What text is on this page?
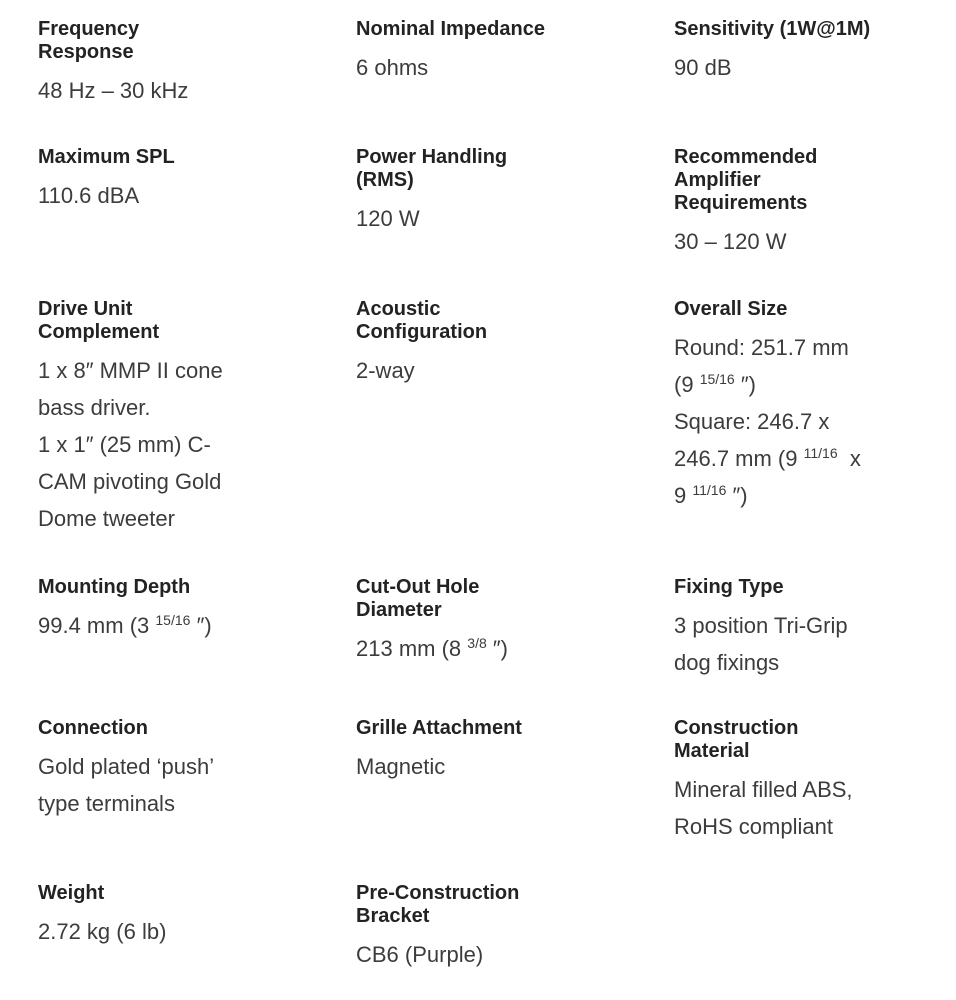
Frequency Response
48 Hz – 30 kHz
Nominal Impedance
6 ohms
Sensitivity (1W@1M)
90 dB
Maximum SPL
110.6 dBA
Power Handling (RMS)
120 W
Recommended Amplifier Requirements
30 – 120 W
Drive Unit Complement
1 x 8″ MMP II cone
bass driver.
1 x 1″ (25 mm) C-
CAM pivoting Gold
Dome tweeter
Acoustic Configuration
2-way
Overall Size
Round: 251.7 mm
(9 $^{15/16}$ ″)
Square: 246.7 x
246.7 mm (9 $^{11/16}$ x
9 $^{11/16}$ ″)
Mounting Depth
99.4 mm (3 $^{15/16}$ ″)
Cut-Out Hole Diameter
213 mm (8 $^{3/8}$ ″)
Fixing Type
3 position Tri-Grip
dog fixings
Connection
Gold plated ‘push’
type terminals
Grille Attachment
Magnetic
Construction Material
Mineral filled ABS,
RoHS compliant
Weight
2.72 kg (6 lb)
Pre-Construction Bracket
CB6 (Purple)
